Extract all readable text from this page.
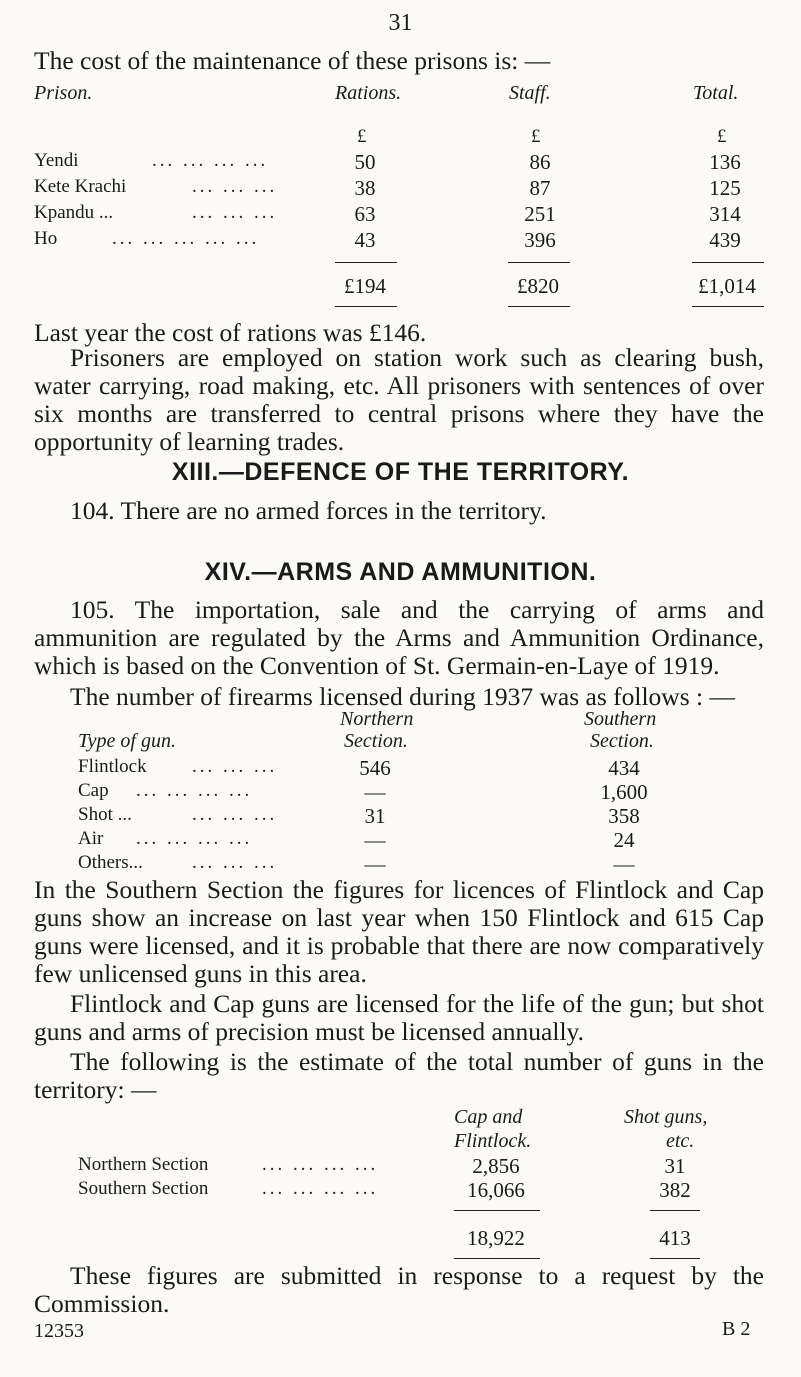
31
The cost of the maintenance of these prisons is: —
Prison.	Rations.	Staff.	Total.
£	£	£
Yendi	... ... ... ...	50	86	136
Kete Krachi	... ... ...	38	87	125
Kpandu ...	... ... ...	63	251	314
Ho	... ... ... ... ...	43	396	439
£194	£820	£1,014
Last year the cost of rations was £146.
Prisoners are employed on station work such as clearing bush, water carrying, road making, etc. All prisoners with sentences of over six months are transferred to central prisons where they have the opportunity of learning trades.
XIII.—DEFENCE OF THE TERRITORY.
104. There are no armed forces in the territory.
XIV.—ARMS AND AMMUNITION.
105. The importation, sale and the carrying of arms and ammunition are regulated by the Arms and Ammunition Ordinance, which is based on the Convention of St. Germain-en-Laye of 1919.
The number of firearms licensed during 1937 was as follows : —
Northern	Southern
Type of gun.	Section.	Section.
Flintlock ... ... ...	546	434
Cap ... ... ... ...	—	1,600
Shot ...	... ... ...	31	358
Air ... ... ... ...	—	24
Others...	... ... ...	—	—
In the Southern Section the figures for licences of Flintlock and Cap guns show an increase on last year when 150 Flintlock and 615 Cap guns were licensed, and it is probable that there are now comparatively few unlicensed guns in this area.
Flintlock and Cap guns are licensed for the life of the gun; but shot guns and arms of precision must be licensed annually.
The following is the estimate of the total number of guns in the territory: —
Cap and	Shot guns,
Flintlock.	etc.
Northern Section	... ... ... ...	2,856	31
Southern Section	... ... ... ...	16,066	382
18,922	413
These figures are submitted in response to a request by the Commission.
12353	B 2
